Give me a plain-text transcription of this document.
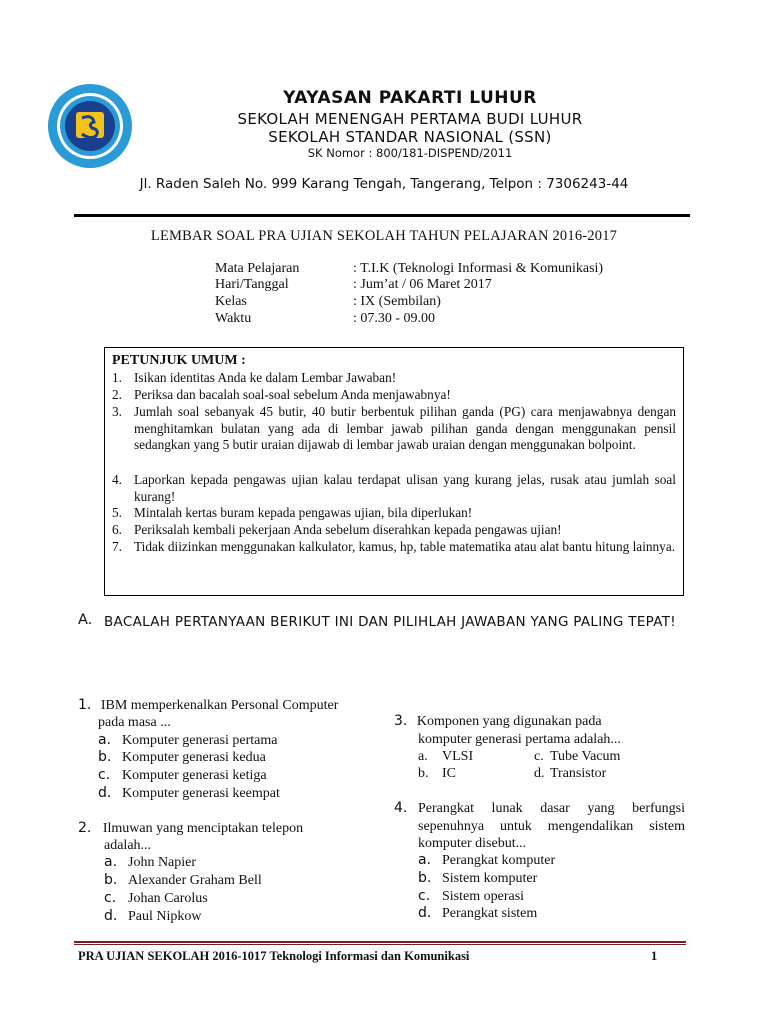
YAYASAN PAKARTI LUHUR
SEKOLAH MENENGAH PERTAMA BUDI LUHUR
SEKOLAH STANDAR NASIONAL (SSN)
SK Nomor : 800/181-DISPEND/2011
Jl. Raden Saleh No. 999 Karang Tengah, Tangerang, Telpon : 7306243-44
LEMBAR SOAL PRA UJIAN SEKOLAH TAHUN PELAJARAN 2016-2017
Mata Pelajaran	: T.I.K (Teknologi Informasi & Komunikasi)
Hari/Tanggal	: Jum’at / 06 Maret 2017
Kelas	: IX (Sembilan)
Waktu	: 07.30 - 09.00
PETUNJUK UMUM :
1. Isikan identitas Anda ke dalam Lembar Jawaban!
2. Periksa dan bacalah soal-soal sebelum Anda menjawabnya!
3. Jumlah soal sebanyak 45 butir, 40 butir berbentuk pilihan ganda (PG) cara menjawabnya dengan menghitamkan bulatan yang ada di lembar jawab pilihan ganda dengan menggunakan pensil sedangkan yang 5 butir uraian dijawab di lembar jawab uraian dengan menggunakan bolpoint.
4. Laporkan kepada pengawas ujian kalau terdapat ulisan yang kurang jelas, rusak atau jumlah soal kurang!
5. Mintalah kertas buram kepada pengawas ujian, bila diperlukan!
6. Periksalah kembali pekerjaan Anda sebelum diserahkan kepada pengawas ujian!
7. Tidak diizinkan menggunakan kalkulator, kamus, hp, table matematika atau alat bantu hitung lainnya.
A. BACALAH PERTANYAAN BERIKUT INI DAN PILIHLAH JAWABAN YANG PALING TEPAT!
1. IBM memperkenalkan Personal Computer
pada masa ...
a. Komputer generasi pertama
b. Komputer generasi kedua
c. Komputer generasi ketiga
d. Komputer generasi keempat
2. Ilmuwan yang menciptakan telepon
adalah...
a. John Napier
b. Alexander Graham Bell
c. Johan Carolus
d. Paul Nipkow
3. Komponen yang digunakan pada
komputer generasi pertama adalah...
a. VLSI	c. Tube Vacum
b. IC	d. Transistor
4. Perangkat lunak dasar yang berfungsi
sepenuhnya untuk mengendalikan sistem
komputer disebut...
a. Perangkat komputer
b. Sistem komputer
c. Sistem operasi
d. Perangkat sistem
PRA UJIAN SEKOLAH 2016-1017 Teknologi Informasi dan Komunikasi	1
